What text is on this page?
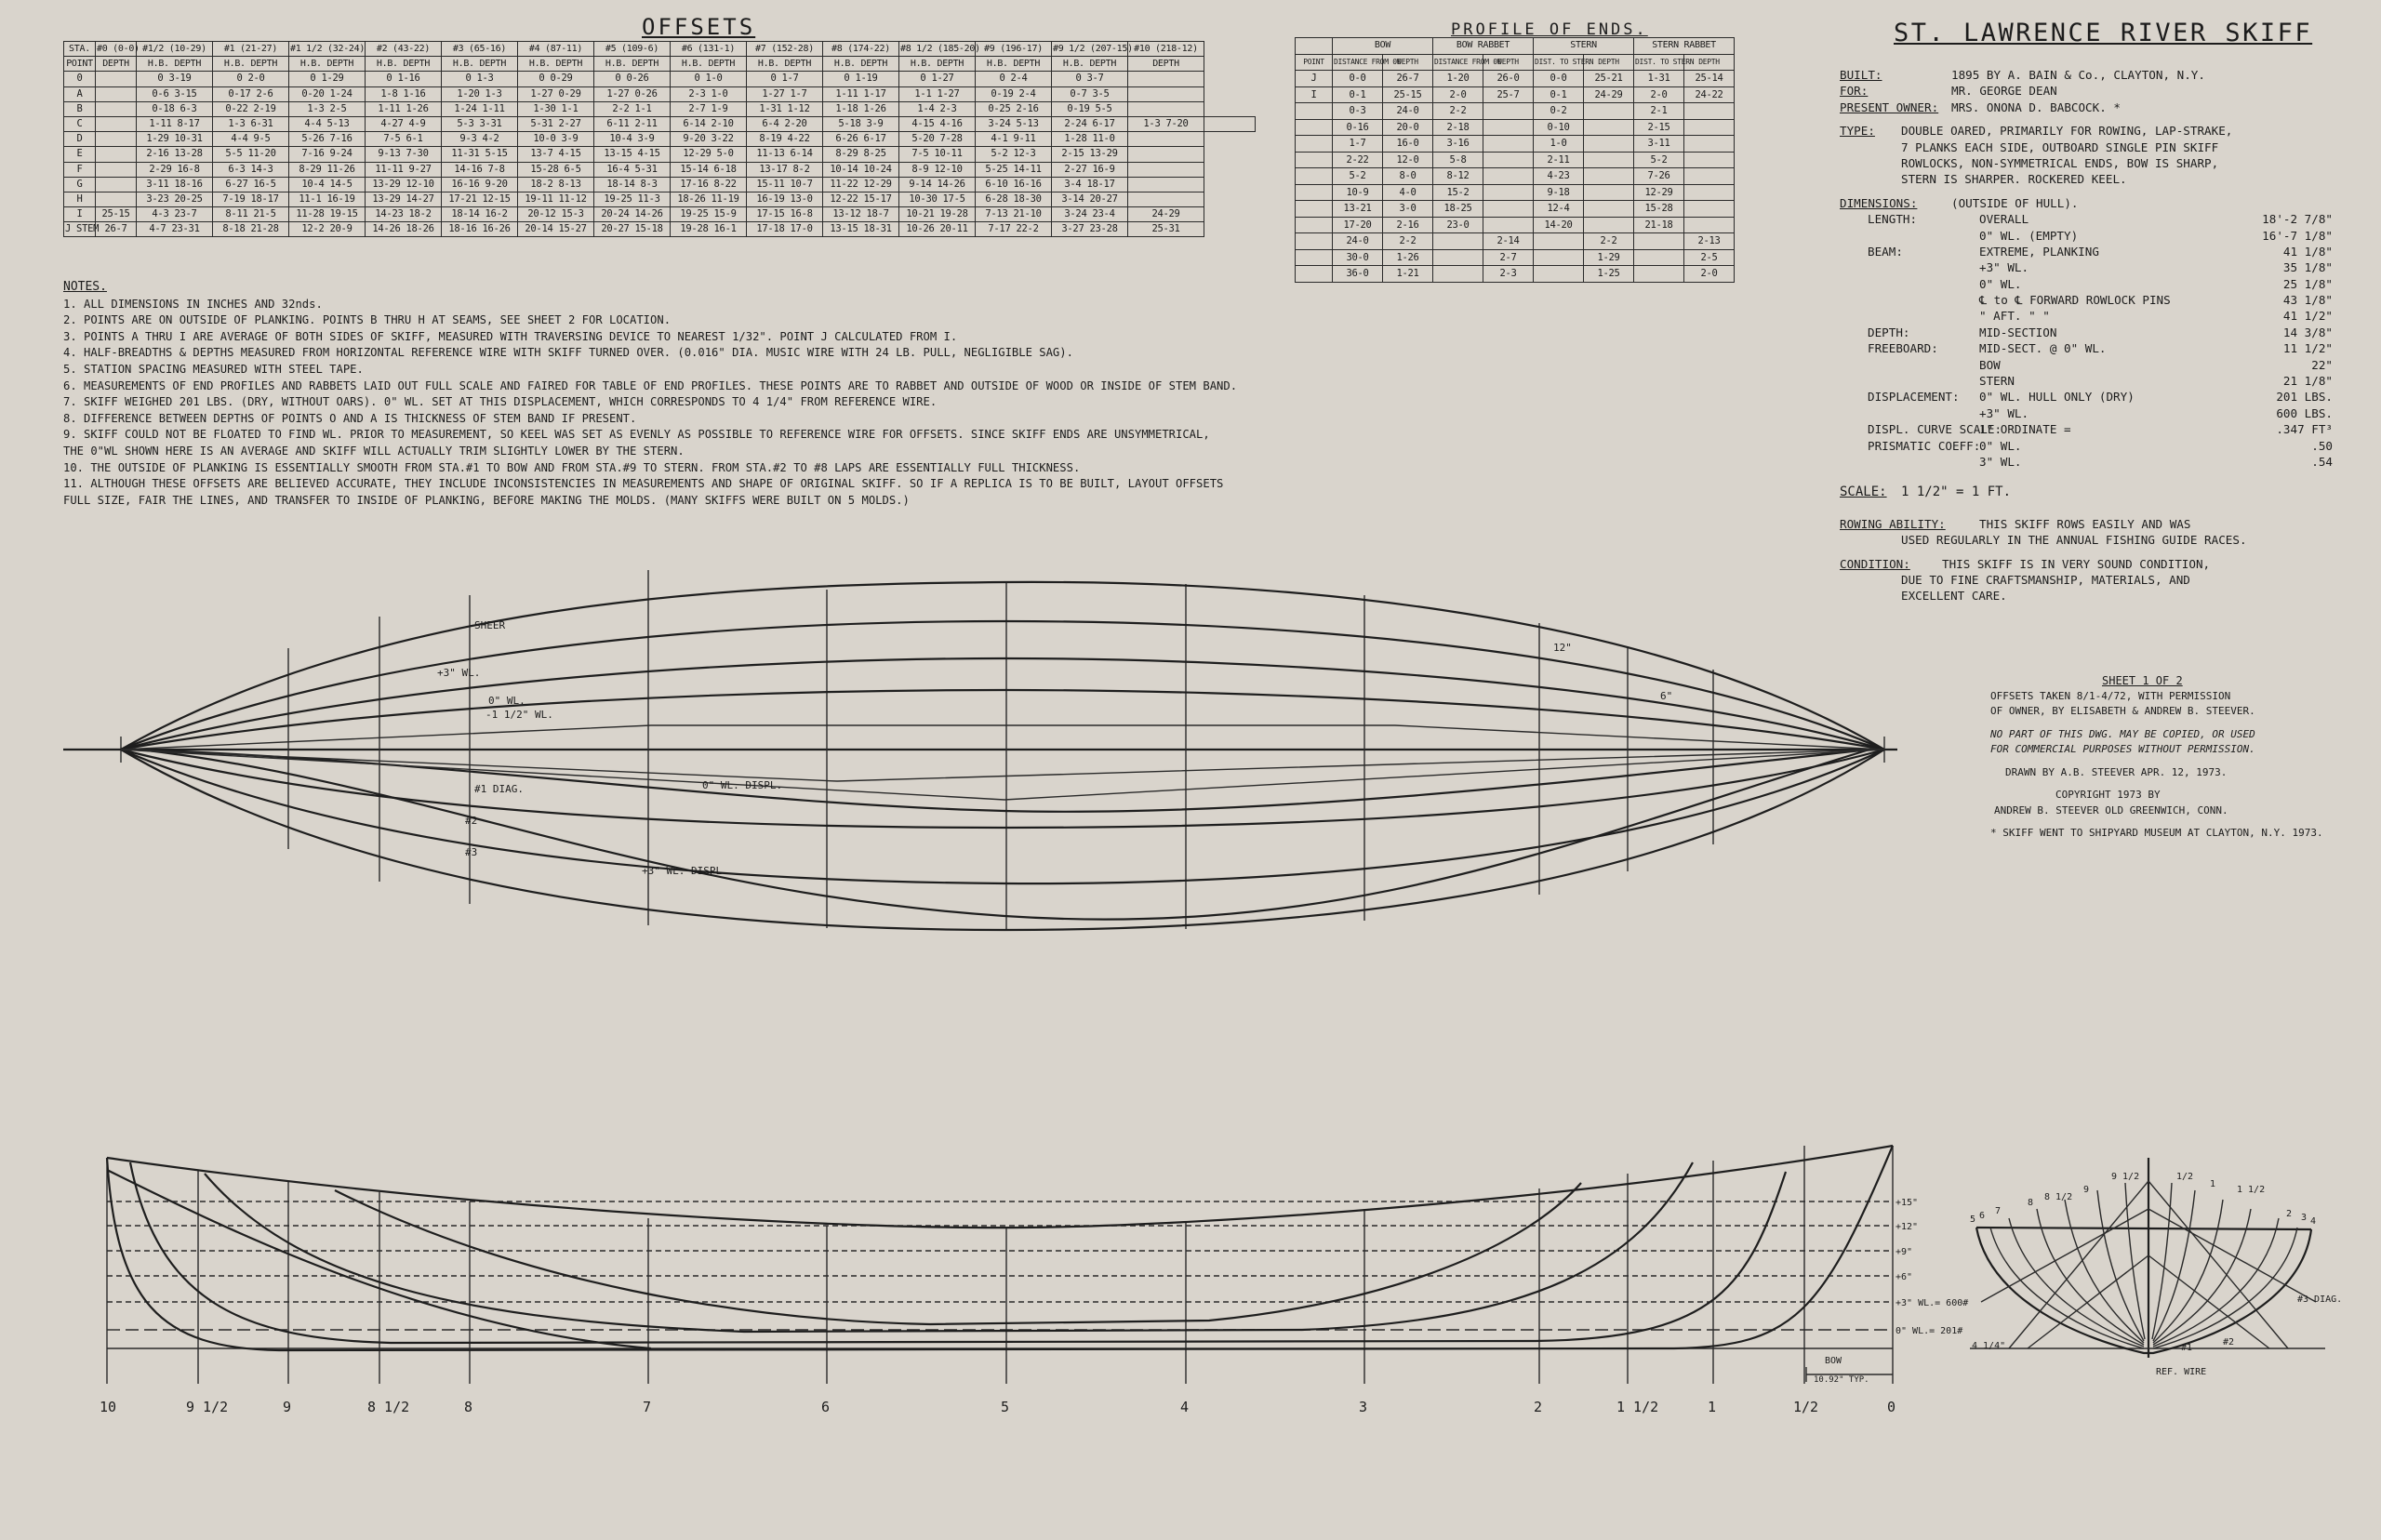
OFFSETS
STA.	#0 (0-0)	#1/2 (10-29)	#1 (21-27)	#1 1/2 (32-24)	#2 (43-22)	#3 (65-16)	#4 (87-11)	#5 (109-6)	#6 (131-1)	#7 (152-28)	#8 (174-22)	#8 1/2 (185-20)	#9 (196-17)	#9 1/2 (207-15)	#10 (218-12)	
POINT	DEPTH	H.B. DEPTH	H.B. DEPTH	H.B. DEPTH	H.B. DEPTH	H.B. DEPTH	H.B. DEPTH	H.B. DEPTH	H.B. DEPTH	H.B. DEPTH	H.B. DEPTH	H.B. DEPTH	H.B. DEPTH	H.B. DEPTH	DEPTH	
0		0 3-19	0 2-0	0 1-29	0 1-16	0 1-3	0 0-29	0 0-26	0 1-0	0 1-7	0 1-19	0 1-27	0 2-4	0 3-7		
A		0-6 3-15	0-17 2-6	0-20 1-24	1-8 1-16	1-20 1-3	1-27 0-29	1-27 0-26	2-3 1-0	1-27 1-7	1-11 1-17	1-1 1-27	0-19 2-4	0-7 3-5		
B		0-18 6-3	0-22 2-19	1-3 2-5	1-11 1-26	1-24 1-11	1-30 1-1	2-2 1-1	2-7 1-9	1-31 1-12	1-18 1-26	1-4 2-3	0-25 2-16	0-19 5-5		
C		1-11 8-17	1-3 6-31	4-4 5-13	4-27 4-9	5-3 3-31	5-31 2-27	6-11 2-11	6-14 2-10	6-4 2-20	5-18 3-9	4-15 4-16	3-24 5-13	2-24 6-17	1-3 7-20	
D		1-29 10-31	4-4 9-5	5-26 7-16	7-5 6-1	9-3 4-2	10-0 3-9	10-4 3-9	9-20 3-22	8-19 4-22	6-26 6-17	5-20 7-28	4-1 9-11	1-28 11-0		
E		2-16 13-28	5-5 11-20	7-16 9-24	9-13 7-30	11-31 5-15	13-7 4-15	13-15 4-15	12-29 5-0	11-13 6-14	8-29 8-25	7-5 10-11	5-2 12-3	2-15 13-29		
F		2-29 16-8	6-3 14-3	8-29 11-26	11-11 9-27	14-16 7-8	15-28 6-5	16-4 5-31	15-14 6-18	13-17 8-2	10-14 10-24	8-9 12-10	5-25 14-11	2-27 16-9		
G		3-11 18-16	6-27 16-5	10-4 14-5	13-29 12-10	16-16 9-20	18-2 8-13	18-14 8-3	17-16 8-22	15-11 10-7	11-22 12-29	9-14 14-26	6-10 16-16	3-4 18-17		
H		3-23 20-25	7-19 18-17	11-1 16-19	13-29 14-27	17-21 12-15	19-11 11-12	19-25 11-3	18-26 11-19	16-19 13-0	12-22 15-17	10-30 17-5	6-28 18-30	3-14 20-27		
I	25-15	4-3 23-7	8-11 21-5	11-28 19-15	14-23 18-2	18-14 16-2	20-12 15-3	20-24 14-26	19-25 15-9	17-15 16-8	13-12 18-7	10-21 19-28	7-13 21-10	3-24 23-4	24-29	
J STEM	26-7	4-7 23-31	8-18 21-28	12-2 20-9	14-26 18-26	18-16 16-26	20-14 15-27	20-27 15-18	19-28 16-1	17-18 17-0	13-15 18-31	10-26 20-11	7-17 22-2	3-27 23-28	25-31	
PROFILE OF ENDS.
	BOW		BOW RABBET		STERN		STERN RABBET	
POINT	DISTANCE FROM 0W	DEPTH	DISTANCE FROM 0W	DEPTH	DIST. TO STERN	DEPTH	DIST. TO STERN	DEPTH
J	0-0	26-7	1-20	26-0	0-0	25-21	1-31	25-14
I	0-1	25-15	2-0	25-7	0-1	24-29	2-0	24-22
	0-3	24-0	2-2		0-2		2-1	
	0-16	20-0	2-18		0-10		2-15	
	1-7	16-0	3-16		1-0		3-11	
	2-22	12-0	5-8		2-11		5-2	
	5-2	8-0	8-12		4-23		7-26	
	10-9	4-0	15-2		9-18		12-29	
	13-21	3-0	18-25		12-4		15-28	
	17-20	2-16	23-0		14-20		21-18	
	24-0	2-2		2-14		2-2		2-13
	30-0	1-26		2-7		1-29		2-5
	36-0	1-21		2-3		1-25		2-0
NOTES.
1. ALL DIMENSIONS IN INCHES AND 32nds.
2. POINTS ARE ON OUTSIDE OF PLANKING. POINTS B THRU H AT SEAMS, SEE SHEET 2 FOR LOCATION.
3. POINTS A THRU I ARE AVERAGE OF BOTH SIDES OF SKIFF, MEASURED WITH TRAVERSING DEVICE TO NEAREST 1/32". POINT J CALCULATED FROM I.
4. HALF-BREADTHS & DEPTHS MEASURED FROM HORIZONTAL REFERENCE WIRE WITH SKIFF TURNED OVER. (0.016" DIA. MUSIC WIRE WITH 24 LB. PULL, NEGLIGIBLE SAG).
5. STATION SPACING MEASURED WITH STEEL TAPE.
6. MEASUREMENTS OF END PROFILES AND RABBETS LAID OUT FULL SCALE AND FAIRED FOR TABLE OF END PROFILES. THESE POINTS ARE TO RABBET AND OUTSIDE OF WOOD OR INSIDE OF STEM BAND.
7. SKIFF WEIGHED 201 LBS. (DRY, WITHOUT OARS). 0" WL. SET AT THIS DISPLACEMENT, WHICH CORRESPONDS TO 4 1/4" FROM REFERENCE WIRE.
8. DIFFERENCE BETWEEN DEPTHS OF POINTS O AND A IS THICKNESS OF STEM BAND IF PRESENT.
9. SKIFF COULD NOT BE FLOATED TO FIND WL. PRIOR TO MEASUREMENT, SO KEEL WAS SET AS EVENLY AS POSSIBLE TO REFERENCE WIRE FOR OFFSETS. SINCE SKIFF ENDS ARE UNSYMMETRICAL,
THE 0"WL SHOWN HERE IS AN AVERAGE AND SKIFF WILL ACTUALLY TRIM SLIGHTLY LOWER BY THE STERN.
10. THE OUTSIDE OF PLANKING IS ESSENTIALLY SMOOTH FROM STA.#1 TO BOW AND FROM STA.#9 TO STERN. FROM STA.#2 TO #8 LAPS ARE ESSENTIALLY FULL THICKNESS.
11. ALTHOUGH THESE OFFSETS ARE BELIEVED ACCURATE, THEY INCLUDE INCONSISTENCIES IN MEASUREMENTS AND SHAPE OF ORIGINAL SKIFF. SO IF A REPLICA IS TO BE BUILT, LAYOUT OFFSETS
FULL SIZE, FAIR THE LINES, AND TRANSFER TO INSIDE OF PLANKING, BEFORE MAKING THE MOLDS. (MANY SKIFFS WERE BUILT ON 5 MOLDS.)
ST. LAWRENCE RIVER SKIFF
BUILT:	1895 BY A. BAIN & Co., CLAYTON, N.Y.
FOR:	MR. GEORGE DEAN
PRESENT OWNER: MRS. ONONA D. BABCOCK. *
TYPE: DOUBLE OARED, PRIMARILY FOR ROWING, LAP-STRAKE,
7 PLANKS EACH SIDE, OUTBOARD SINGLE PIN SKIFF
ROWLOCKS, NON-SYMMETRICAL ENDS, BOW IS SHARP,
STERN IS SHARPER. ROCKERED KEEL.
DIMENSIONS:	(OUTSIDE OF HULL).
LENGTH:	OVERALL	18'-2 7/8"
0" WL. (EMPTY)	16'-7 1/8"
BEAM:	EXTREME, PLANKING	41 1/8"
+3" WL.	35 1/8"
0" WL.	25 1/8"
℄ to ℄ FORWARD ROWLOCK PINS	43 1/8"
" AFT. " "	41 1/2"
DEPTH:	MID-SECTION	14 3/8"
FREEBOARD:	MID-SECT. @ 0" WL.	11 1/2"
BOW	22"
STERN	21 1/8"
DISPLACEMENT: 0" WL. HULL ONLY (DRY)	201 LBS.
+3" WL.	600 LBS.
DISPL. CURVE SCALE:
1" ORDINATE =	.347 FT³
PRISMATIC COEFF:
0" WL.	.50
3" WL.	.54
SCALE: 1 1/2" = 1 FT.
ROWING ABILITY:	THIS SKIFF ROWS EASILY AND WAS
USED REGULARLY IN THE ANNUAL FISHING GUIDE RACES.
CONDITION:	THIS SKIFF IS IN VERY SOUND CONDITION,
DUE TO FINE CRAFTSMANSHIP, MATERIALS, AND
EXCELLENT CARE.
SHEET 1 OF 2
OFFSETS TAKEN 8/1-4/72, WITH PERMISSION
OF OWNER, BY ELISABETH & ANDREW B. STEEVER.
NO PART OF THIS DWG. MAY BE COPIED, OR USED
FOR COMMERCIAL PURPOSES WITHOUT PERMISSION.
DRAWN BY A.B. STEEVER APR. 12, 1973.
COPYRIGHT 1973 BY
ANDREW B. STEEVER OLD GREENWICH, CONN.
* SKIFF WENT TO SHIPYARD MUSEUM AT CLAYTON, N.Y. 1973.
SHEER
+3" WL.
0" WL.
-1 1/2" WL.
#1 DIAG.
#2
#3
0" WL. DISPL.
+3" WL. DISPL.
12"
6"
+15"
+12"
+9"
+6"
+3" WL.= 600#
0" WL.= 201#
BOW
10.92" TYP.
10	9 1/2	9	8 1/2	8	7	6	5	4	3	2	1 1/2	1	1/2	0
5 6 7
8
8 1/2
9
9 1/2	1/2
1
1 1/2
2 3 4
#3 DIAG.
#1
#2
REF. WIRE
4 1/4"
